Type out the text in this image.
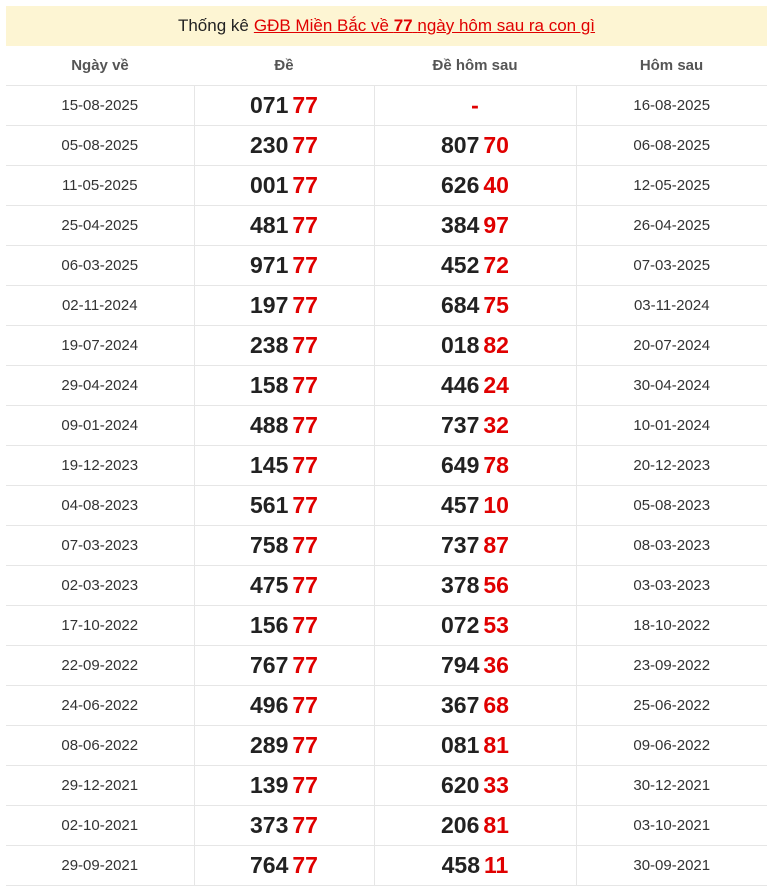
Thống kê GĐB Miền Bắc về 77 ngày hôm sau ra con gì
Ngày về	Đề	Đề hôm sau	Hôm sau
15-08-2025	071 77	-	16-08-2025
05-08-2025	230 77	807 70	06-08-2025
11-05-2025	001 77	626 40	12-05-2025
25-04-2025	481 77	384 97	26-04-2025
06-03-2025	971 77	452 72	07-03-2025
02-11-2024	197 77	684 75	03-11-2024
19-07-2024	238 77	018 82	20-07-2024
29-04-2024	158 77	446 24	30-04-2024
09-01-2024	488 77	737 32	10-01-2024
19-12-2023	145 77	649 78	20-12-2023
04-08-2023	561 77	457 10	05-08-2023
07-03-2023	758 77	737 87	08-03-2023
02-03-2023	475 77	378 56	03-03-2023
17-10-2022	156 77	072 53	18-10-2022
22-09-2022	767 77	794 36	23-09-2022
24-06-2022	496 77	367 68	25-06-2022
08-06-2022	289 77	081 81	09-06-2022
29-12-2021	139 77	620 33	30-12-2021
02-10-2021	373 77	206 81	03-10-2021
29-09-2021	764 77	458 11	30-09-2021
